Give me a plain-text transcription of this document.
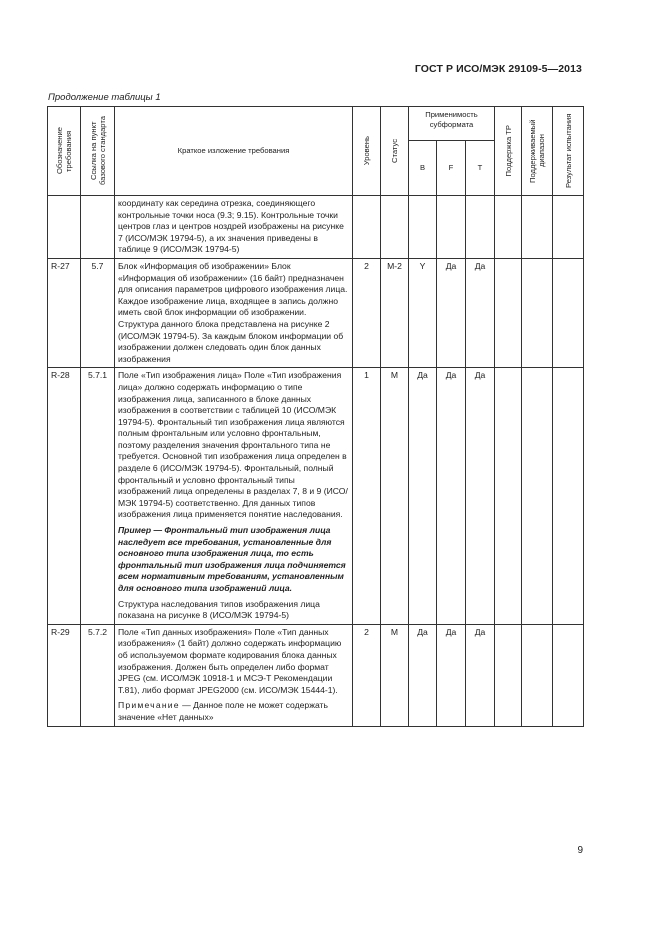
ГОСТ Р ИСО/МЭК 29109-5—2013
Продолжение таблицы 1
Обозначение требования	Ссылка на пункт базового стандарта	Краткое изложение требования	Уровень	Статус	Применимость субформата			Поддержка ТР	Поддерживаемый диапазон	Результат испытания

					B	F	T			

		координату как середина отрезка, соединяющего контрольные точки носа (9.3; 9.15). Контрольные точки центров глаз и центров ноздрей изображены на рисунке 7 (ИСО/МЭК 19794-5), а их значения приведены в таблице 9 (ИСО/МЭК 19794-5)								

R-27	5.7	Блок «Информация об изображении» Блок «Информация об изображении» (16 байт) предназначен для описания параметров цифрового изображения лица. Каждое изображение лица, входящее в запись должно иметь свой блок информации об изображении. Структура данного блока представлена на рисунке 2 (ИСО/МЭК 19794-5). За каждым блоком информации об изображении должен следовать один блок данных изображения	2	М-2	Y	Да	Да			
R-28	5.7.1	Поле «Тип изображения лица» Поле «Тип изображения лица» должно содержать информацию о типе изображения лица, записанного в блоке данных изображения в соответствии с таблицей 10 (ИСО/МЭК 19794-5). Фронтальный тип изображения лица являются полным фронтальным или условно фронтальным, поэтому разделения значения фронтального типа не требуется. Основной тип изображения лица определен в разделе 6 (ИСО/МЭК 19794-5). Фронтальный, полный фронтальный и условно фронтальный типы изображений лица определены в разделах 7, 8 и 9 (ИСО/МЭК 19794-5) соответственно. Для данных типов изображения лица применяется понятие наследования.

Пример — Фронтальный тип изображения лица наследует все требования, установленные для основного типа изображения лица, то есть фронтальный тип изображения лица подчиняется всем нормативным требованиям, установленным для основного типа изображений лица.

Структура наследования типов изображения лица показана на рисунке 8 (ИСО/МЭК 19794-5)	1	М	Да	Да	Да			
R-29	5.7.2	Поле «Тип данных изображения» Поле «Тип данных изображения» (1 байт) должно содержать информацию об используемом формате кодирования блока данных изображения. Должен быть определен либо формат JPEG (см. ИСО/МЭК 10918-1 и МСЭ-Т Рекомендации Т.81), либо формат JPEG2000 (см. ИСО/МЭК 15444-1).

Примечание — Данное поле не может содержать значение «Нет данных»	2	М	Да	Да	Да			
9
